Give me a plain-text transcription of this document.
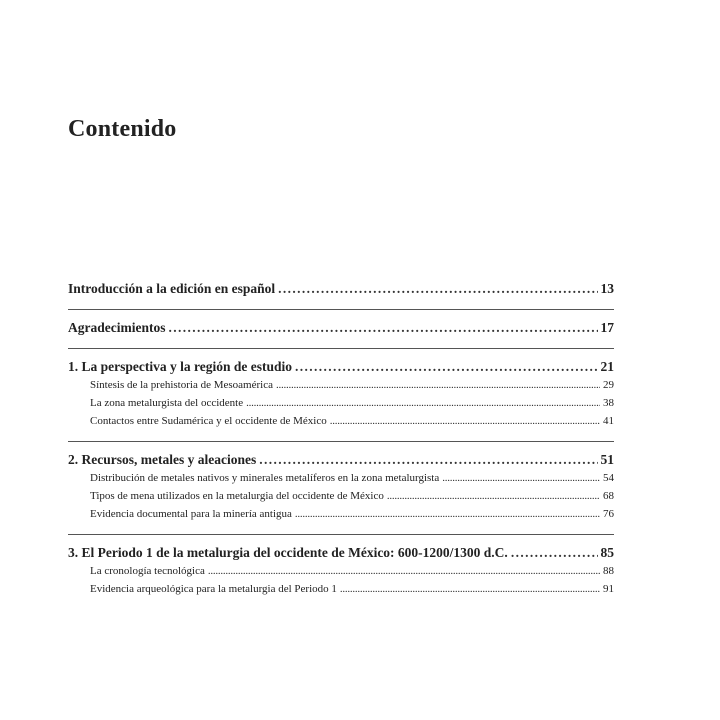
Contenido
Introducción a la edición en español . . .	13
Agradecimientos . . .	17
1. La perspectiva y la región de estudio . . .	21
Síntesis de la prehistoria de Mesoamérica . . .	29
La zona metalurgista del occidente . . .	38
Contactos entre Sudamérica y el occidente de México . . .	41
2. Recursos, metales y aleaciones . . .	51
Distribución de metales nativos y minerales metalíferos en la zona metalurgista . . .	54
Tipos de mena utilizados en la metalurgia del occidente de México . . .	68
Evidencia documental para la minería antigua . . .	76
3. El Periodo 1 de la metalurgia del occidente de México: 600-1200/1300 d.C. . . .	85
La cronología tecnológica . . .	88
Evidencia arqueológica para la metalurgia del Periodo 1 . . .	91
